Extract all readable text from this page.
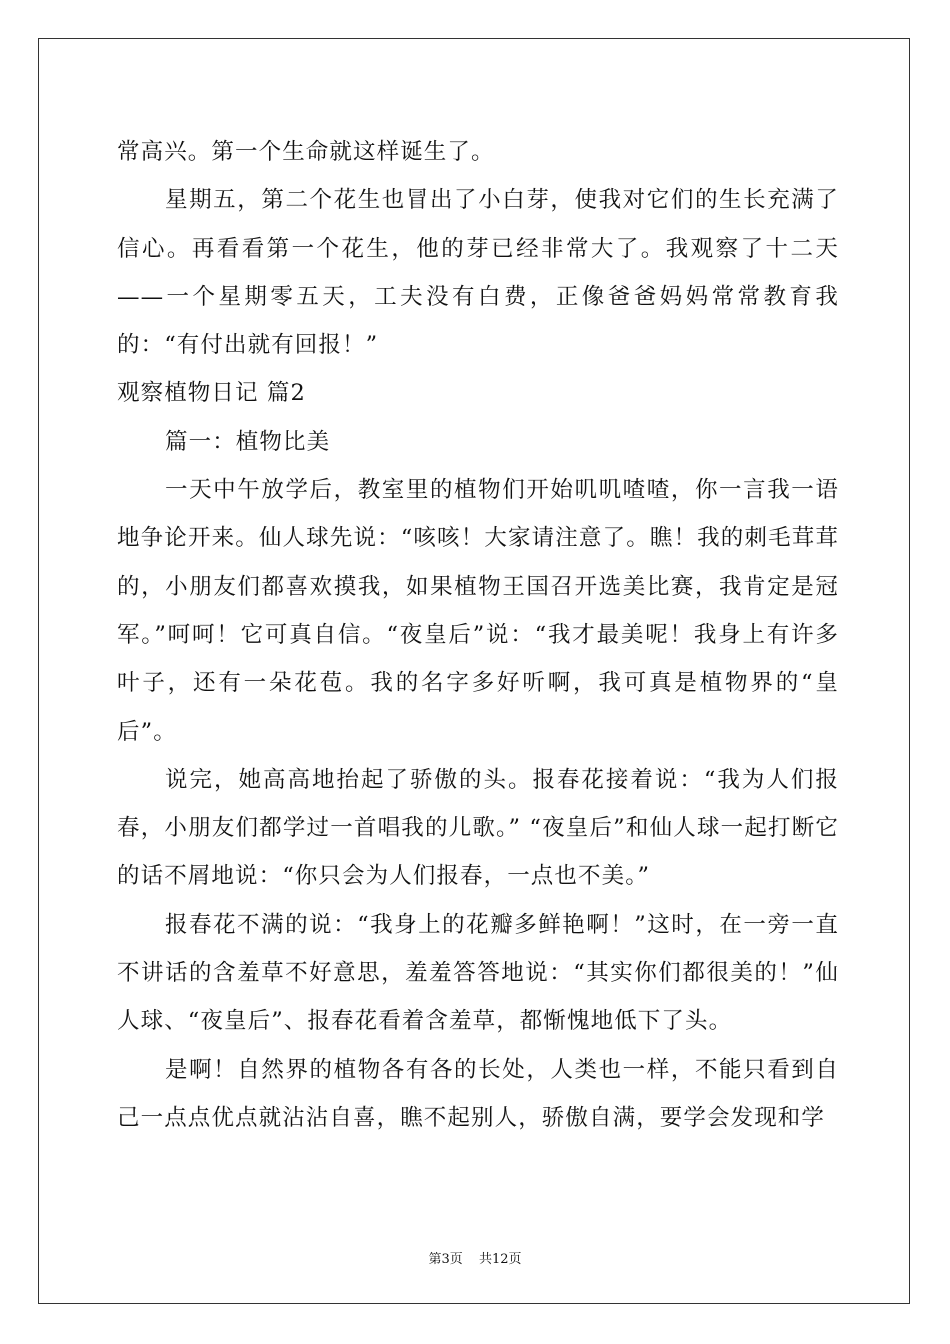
常高兴。第一个生命就这样诞生了。

星期五，第二个花生也冒出了小白芽，使我对它们的生长充满了信心。再看看第一个花生，他的芽已经非常大了。我观察了十二天——一个星期零五天，工夫没有白费，正像爸爸妈妈常常教育我的：“有付出就有回报！”

观察植物日记 篇2

篇一：植物比美

一天中午放学后，教室里的植物们开始叽叽喳喳，你一言我一语地争论开来。仙人球先说：“咳咳！大家请注意了。瞧！我的刺毛茸茸的，小朋友们都喜欢摸我，如果植物王国召开选美比赛，我肯定是冠军。”呵呵！它可真自信。“夜皇后”说：“我才最美呢！我身上有许多叶子，还有一朵花苞。我的名字多好听啊，我可真是植物界的“皇后”。

说完，她高高地抬起了骄傲的头。报春花接着说：“我为人们报春，小朋友们都学过一首唱我的儿歌。” “夜皇后”和仙人球一起打断它的话不屑地说：“你只会为人们报春，一点也不美。”

报春花不满的说：“我身上的花瓣多鲜艳啊！”这时，在一旁一直不讲话的含羞草不好意思，羞羞答答地说：“其实你们都很美的！”仙人球、“夜皇后”、报春花看着含羞草，都惭愧地低下了头。

是啊！自然界的植物各有各的长处，人类也一样，不能只看到自己一点点优点就沾沾自喜，瞧不起别人，骄傲自满，要学会发现和学

第3页 共12页
